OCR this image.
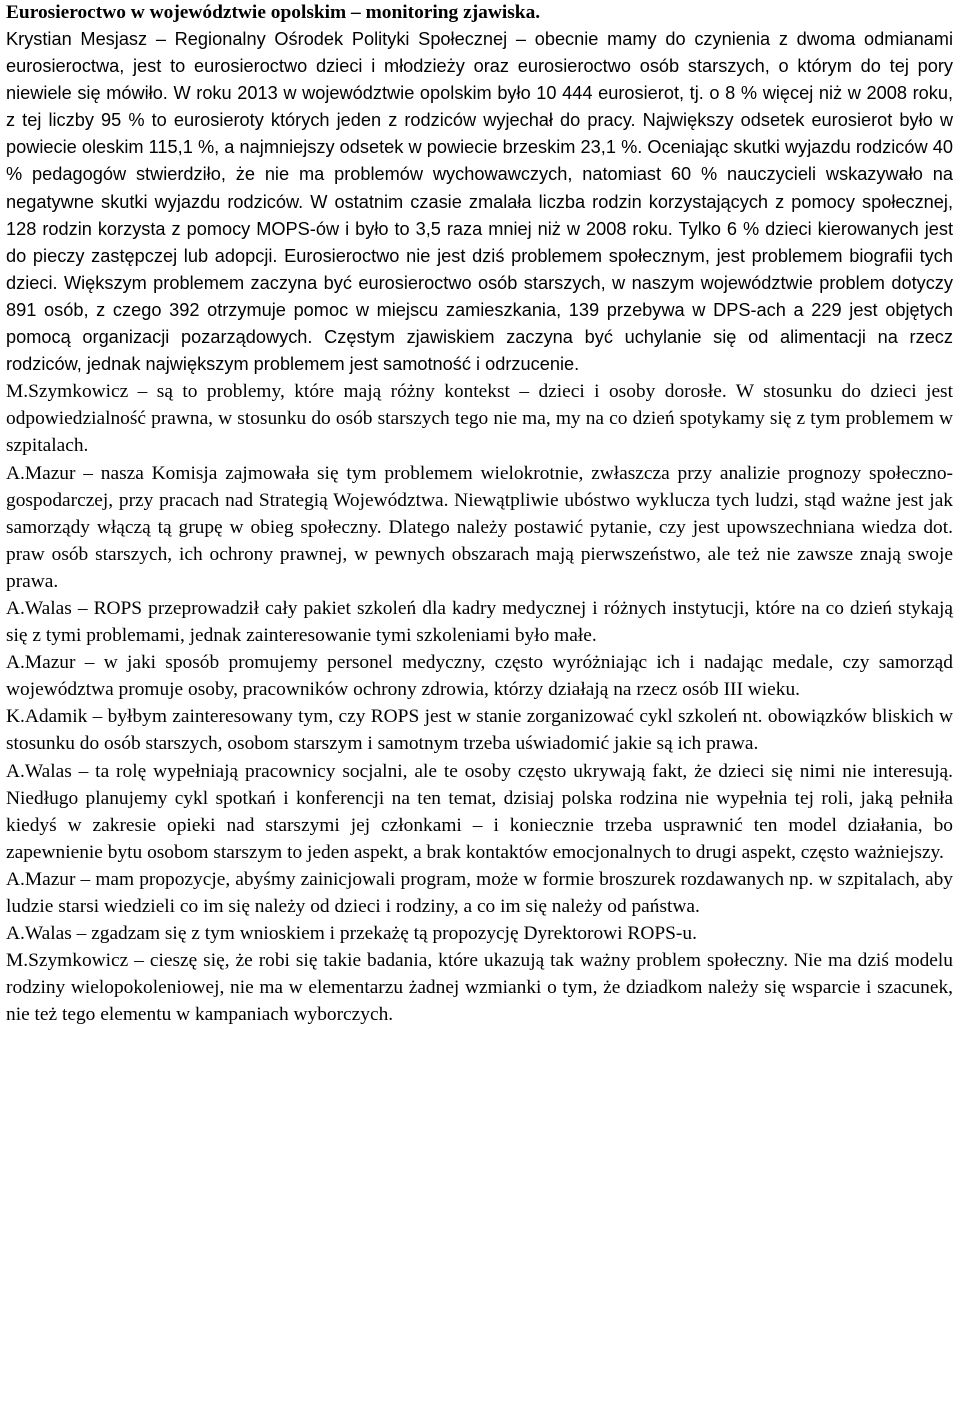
Eurosieroctwo w województwie opolskim – monitoring zjawiska.

Krystian Mesjasz – Regionalny Ośrodek Polityki Społecznej – obecnie mamy do czynienia z dwoma odmianami eurosieroctwa, jest to eurosieroctwo dzieci i młodzieży oraz eurosieroctwo osób starszych, o którym do tej pory niewiele się mówiło. W roku 2013 w województwie opolskim było 10 444 eurosierot, tj. o 8 % więcej niż w 2008 roku, z tej liczby 95 % to eurosieroty których jeden z rodziców wyjechał do pracy. Największy odsetek eurosierot było w powiecie oleskim 115,1 %, a najmniejszy odsetek w powiecie brzeskim 23,1 %. Oceniając skutki wyjazdu rodziców 40 % pedagogów stwierdziło, że nie ma problemów wychowawczych, natomiast 60 % nauczycieli wskazywało na negatywne skutki wyjazdu rodziców. W ostatnim czasie zmalała liczba rodzin korzystających z pomocy społecznej, 128 rodzin korzysta z pomocy MOPS-ów i było to 3,5 raza mniej niż w 2008 roku. Tylko 6 % dzieci kierowanych jest do pieczy zastępczej lub adopcji. Eurosieroctwo nie jest dziś problemem społecznym, jest problemem biografii tych dzieci. Większym problemem zaczyna być eurosieroctwo osób starszych, w naszym województwie problem dotyczy 891 osób, z czego 392 otrzymuje pomoc w miejscu zamieszkania, 139 przebywa w DPS-ach a 229 jest objętych pomocą organizacji pozarządowych. Częstym zjawiskiem zaczyna być uchylanie się od alimentacji na rzecz rodziców, jednak największym problemem jest samotność i odrzucenie.

M.Szymkowicz – są to problemy, które mają różny kontekst – dzieci i osoby dorosłe. W stosunku do dzieci jest odpowiedzialność prawna, w stosunku do osób starszych tego nie ma, my na co dzień spotykamy się z tym problemem w szpitalach.

A.Mazur – nasza Komisja zajmowała się tym problemem wielokrotnie, zwłaszcza przy analizie prognozy społeczno-gospodarczej, przy pracach nad Strategią Województwa. Niewątpliwie ubóstwo wyklucza tych ludzi, stąd ważne jest jak samorządy włączą tą grupę w obieg społeczny. Dlatego należy postawić pytanie, czy jest upowszechniana wiedza dot. praw osób starszych, ich ochrony prawnej, w pewnych obszarach mają pierwszeństwo, ale też nie zawsze znają swoje prawa.

A.Walas – ROPS przeprowadził cały pakiet szkoleń dla kadry medycznej i różnych instytucji, które na co dzień stykają się z tymi problemami, jednak zainteresowanie tymi szkoleniami było małe.

A.Mazur – w jaki sposób promujemy personel medyczny, często wyróżniając ich i nadając medale, czy samorząd województwa promuje osoby, pracowników ochrony zdrowia, którzy działają na rzecz osób III wieku.

K.Adamik – byłbym zainteresowany tym, czy ROPS jest w stanie zorganizować cykl szkoleń nt. obowiązków bliskich w stosunku do osób starszych, osobom starszym i samotnym trzeba uświadomić jakie są ich prawa.

A.Walas – ta rolę wypełniają pracownicy socjalni, ale te osoby często ukrywają fakt, że dzieci się nimi nie interesują. Niedługo planujemy cykl spotkań i konferencji na ten temat, dzisiaj polska rodzina nie wypełnia tej roli, jaką pełniła kiedyś w zakresie opieki nad starszymi jej członkami – i koniecznie trzeba usprawnić ten model działania, bo zapewnienie bytu osobom starszym to jeden aspekt, a brak kontaktów emocjonalnych to drugi aspekt, często ważniejszy.

A.Mazur – mam propozycje, abyśmy zainicjowali program, może w formie broszurek rozdawanych np. w szpitalach, aby ludzie starsi wiedzieli co im się należy od dzieci i rodziny, a co im się należy od państwa.

A.Walas – zgadzam się z tym wnioskiem i przekażę tą propozycję Dyrektorowi ROPS-u.

M.Szymkowicz – cieszę się, że robi się takie badania, które ukazują tak ważny problem społeczny. Nie ma dziś modelu rodziny wielopokoleniowej, nie ma w elementarzu żadnej wzmianki o tym, że dziadkom należy się wsparcie i szacunek, nie też tego elementu w kampaniach wyborczych.
